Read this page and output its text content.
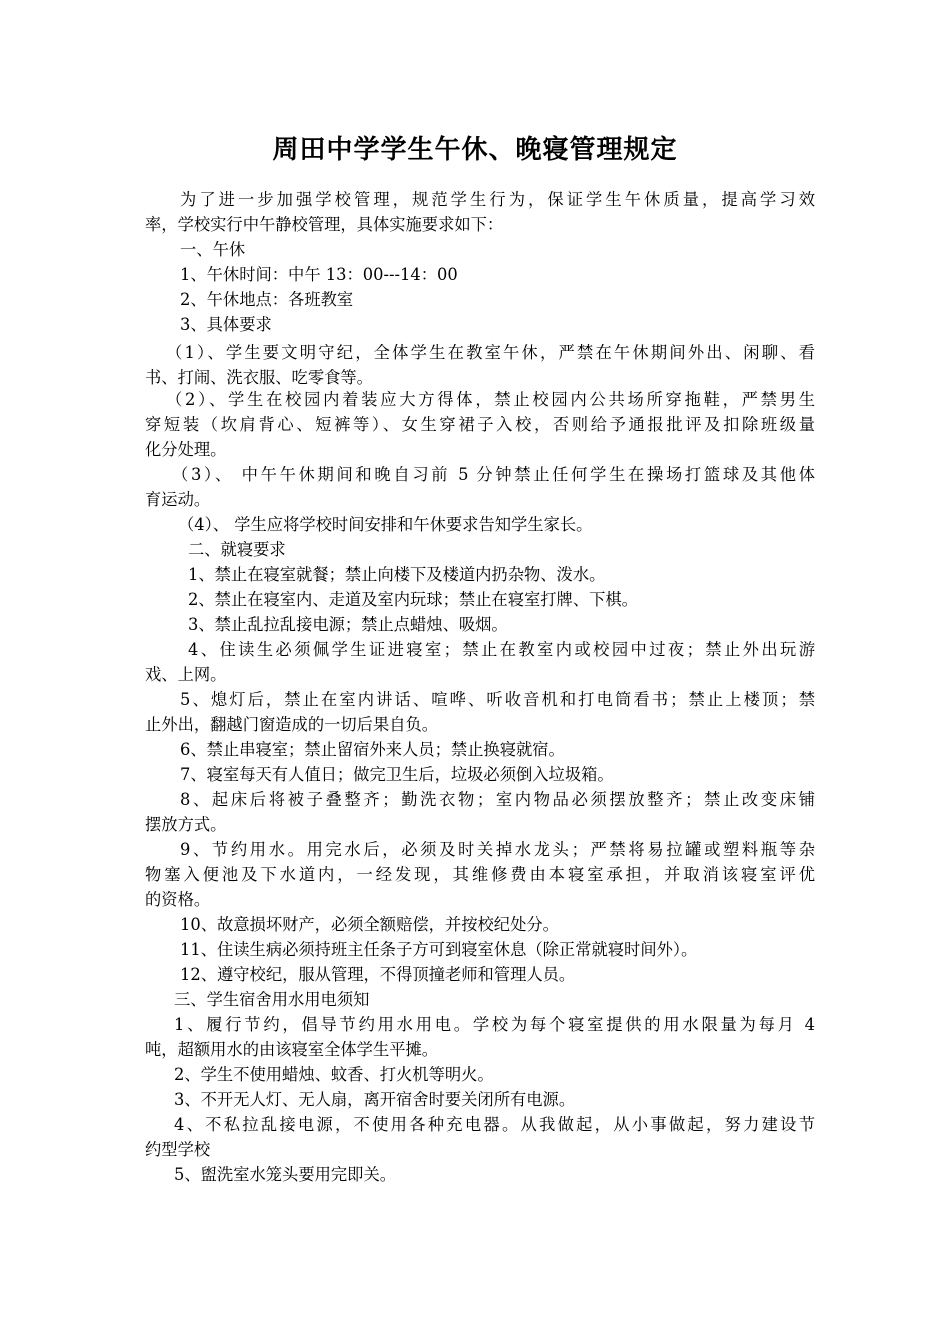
周田中学学生午休、晚寝管理规定
为了进一步加强学校管理，规范学生行为，保证学生午休质量，提高学习效
率，学校实行中午静校管理，具体实施要求如下：
一、午休
1、午休时间：中午 13：00---14：00
2、午休地点：各班教室
3、具体要求
（1）、学生要文明守纪，全体学生在教室午休，严禁在午休期间外出、闲聊、看
书、打闹、洗衣服、吃零食等。
（2）、学生在校园内着装应大方得体，禁止校园内公共场所穿拖鞋，严禁男生
穿短装（坎肩背心、短裤等）、女生穿裙子入校，否则给予通报批评及扣除班级量
化分处理。
（3）、 中午午休期间和晚自习前 5 分钟禁止任何学生在操场打篮球及其他体
育运动。
（4）、 学生应将学校时间安排和午休要求告知学生家长。
二、就寝要求
1、禁止在寝室就餐；禁止向楼下及楼道内扔杂物、泼水。
2、禁止在寝室内、走道及室内玩球；禁止在寝室打牌、下棋。
3、禁止乱拉乱接电源；禁止点蜡烛、吸烟。
4、住读生必须佩学生证进寝室；禁止在教室内或校园中过夜；禁止外出玩游
戏、上网。
5、熄灯后，禁止在室内讲话、喧哗、听收音机和打电筒看书；禁止上楼顶；禁
止外出，翻越门窗造成的一切后果自负。
6、禁止串寝室；禁止留宿外来人员；禁止换寝就宿。
7、寝室每天有人值日；做完卫生后，垃圾必须倒入垃圾箱。
8、起床后将被子叠整齐；勤洗衣物；室内物品必须摆放整齐；禁止改变床铺
摆放方式。
9、节约用水。用完水后，必须及时关掉水龙头；严禁将易拉罐或塑料瓶等杂
物塞入便池及下水道内，一经发现，其维修费由本寝室承担，并取消该寝室评优
的资格。
10、故意损坏财产，必须全额赔偿，并按校纪处分。
11、住读生病必须持班主任条子方可到寝室休息（除正常就寝时间外）。
12、遵守校纪，服从管理，不得顶撞老师和管理人员。
三、学生宿舍用水用电须知
1、履行节约，倡导节约用水用电。学校为每个寝室提供的用水限量为每月 4
吨，超额用水的由该寝室全体学生平摊。
2、学生不使用蜡烛、蚊香、打火机等明火。
3、不开无人灯、无人扇，离开宿舍时要关闭所有电源。
4、不私拉乱接电源，不使用各种充电器。从我做起，从小事做起，努力建设节
约型学校
5、盥洗室水笼头要用完即关。
